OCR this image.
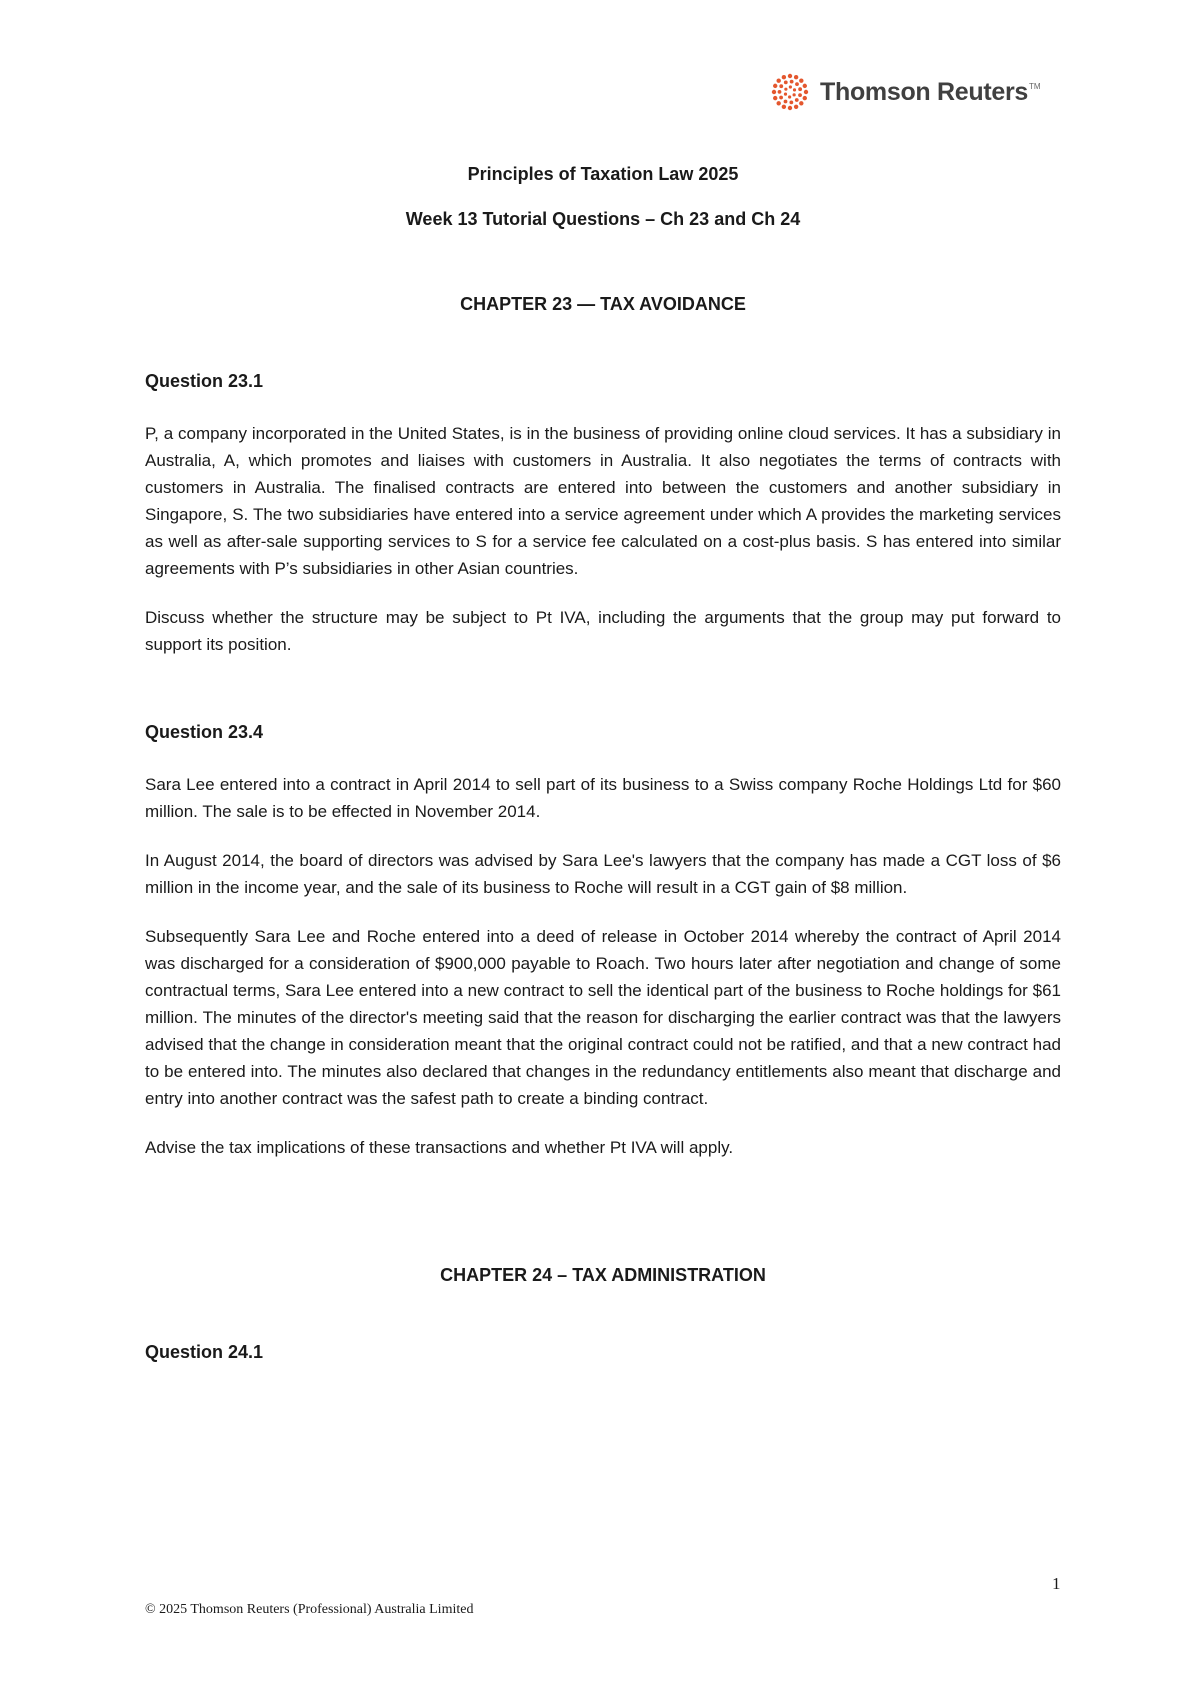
Thomson Reuters TM

Principles of Taxation Law 2025

Week 13 Tutorial Questions – Ch 23 and Ch 24

CHAPTER 23 — TAX AVOIDANCE

Question 23.1

P, a company incorporated in the United States, is in the business of providing online cloud services. It has a subsidiary in Australia, A, which promotes and liaises with customers in Australia. It also negotiates the terms of contracts with customers in Australia. The finalised contracts are entered into between the customers and another subsidiary in Singapore, S. The two subsidiaries have entered into a service agreement under which A provides the marketing services as well as after-sale supporting services to S for a service fee calculated on a cost-plus basis. S has entered into similar agreements with P’s subsidiaries in other Asian countries.

Discuss whether the structure may be subject to Pt IVA, including the arguments that the group may put forward to support its position.

Question 23.4

Sara Lee entered into a contract in April 2014 to sell part of its business to a Swiss company Roche Holdings Ltd for $60 million. The sale is to be effected in November 2014.

In August 2014, the board of directors was advised by Sara Lee's lawyers that the company has made a CGT loss of $6 million in the income year, and the sale of its business to Roche will result in a CGT gain of $8 million.

Subsequently Sara Lee and Roche entered into a deed of release in October 2014 whereby the contract of April 2014 was discharged for a consideration of $900,000 payable to Roach. Two hours later after negotiation and change of some contractual terms, Sara Lee entered into a new contract to sell the identical part of the business to Roche holdings for $61 million. The minutes of the director's meeting said that the reason for discharging the earlier contract was that the lawyers advised that the change in consideration meant that the original contract could not be ratified, and that a new contract had to be entered into. The minutes also declared that changes in the redundancy entitlements also meant that discharge and entry into another contract was the safest path to create a binding contract.

Advise the tax implications of these transactions and whether Pt IVA will apply.

CHAPTER 24 – TAX ADMINISTRATION

Question 24.1

1
© 2025 Thomson Reuters (Professional) Australia Limited
